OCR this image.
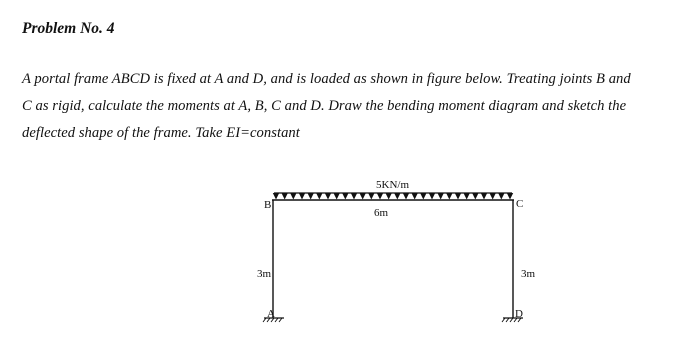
Problem No. 4
A portal frame ABCD is fixed at A and D, and is loaded as shown in figure below. Treating joints B and
C as rigid, calculate the moments at A, B, C and D. Draw the bending moment diagram and sketch the
deflected shape of the frame. Take EI=constant
5KN/m
6m
3m	3m
B	C
A	D
